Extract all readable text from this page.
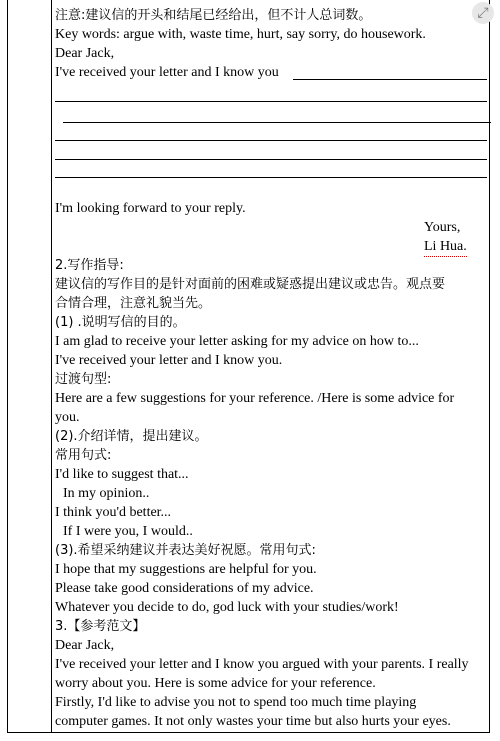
⤢
注意:建议信的开头和结尾已经给出，但不计人总词数。
Key words: argue with, waste time, hurt, say sorry, do housework.
Dear Jack,
I've received your letter and I know you
I'm looking forward to your reply.
Yours,
Li Hua.
2.写作指导:
建议信的写作目的是针对面前的困难或疑惑提出建议或忠告。观点要
合情合理，注意礼貌当先。
(1) .说明写信的目的。
I am glad to receive your letter asking for my advice on how to...
I've received your letter and I know you.
过渡句型:
Here are a few suggestions for your reference. /Here is some advice for
you.
(2).介绍详情，提出建议。
常用句式:
I'd like to suggest that...
In my opinion..
I think you'd better...
If I were you, I would..
(3).希望采纳建议并表达美好祝愿。常用句式:
I hope that my suggestions are helpful for you.
Please take good considerations of my advice.
Whatever you decide to do, god luck with your studies/work!
3.【参考范文】
Dear Jack,
I've received your letter and I know you argued with your parents. I really
worry about you. Here is some advice for your reference.
Firstly, I'd like to advise you not to spend too much time playing
computer games. It not only wastes your time but also hurts your eyes.
